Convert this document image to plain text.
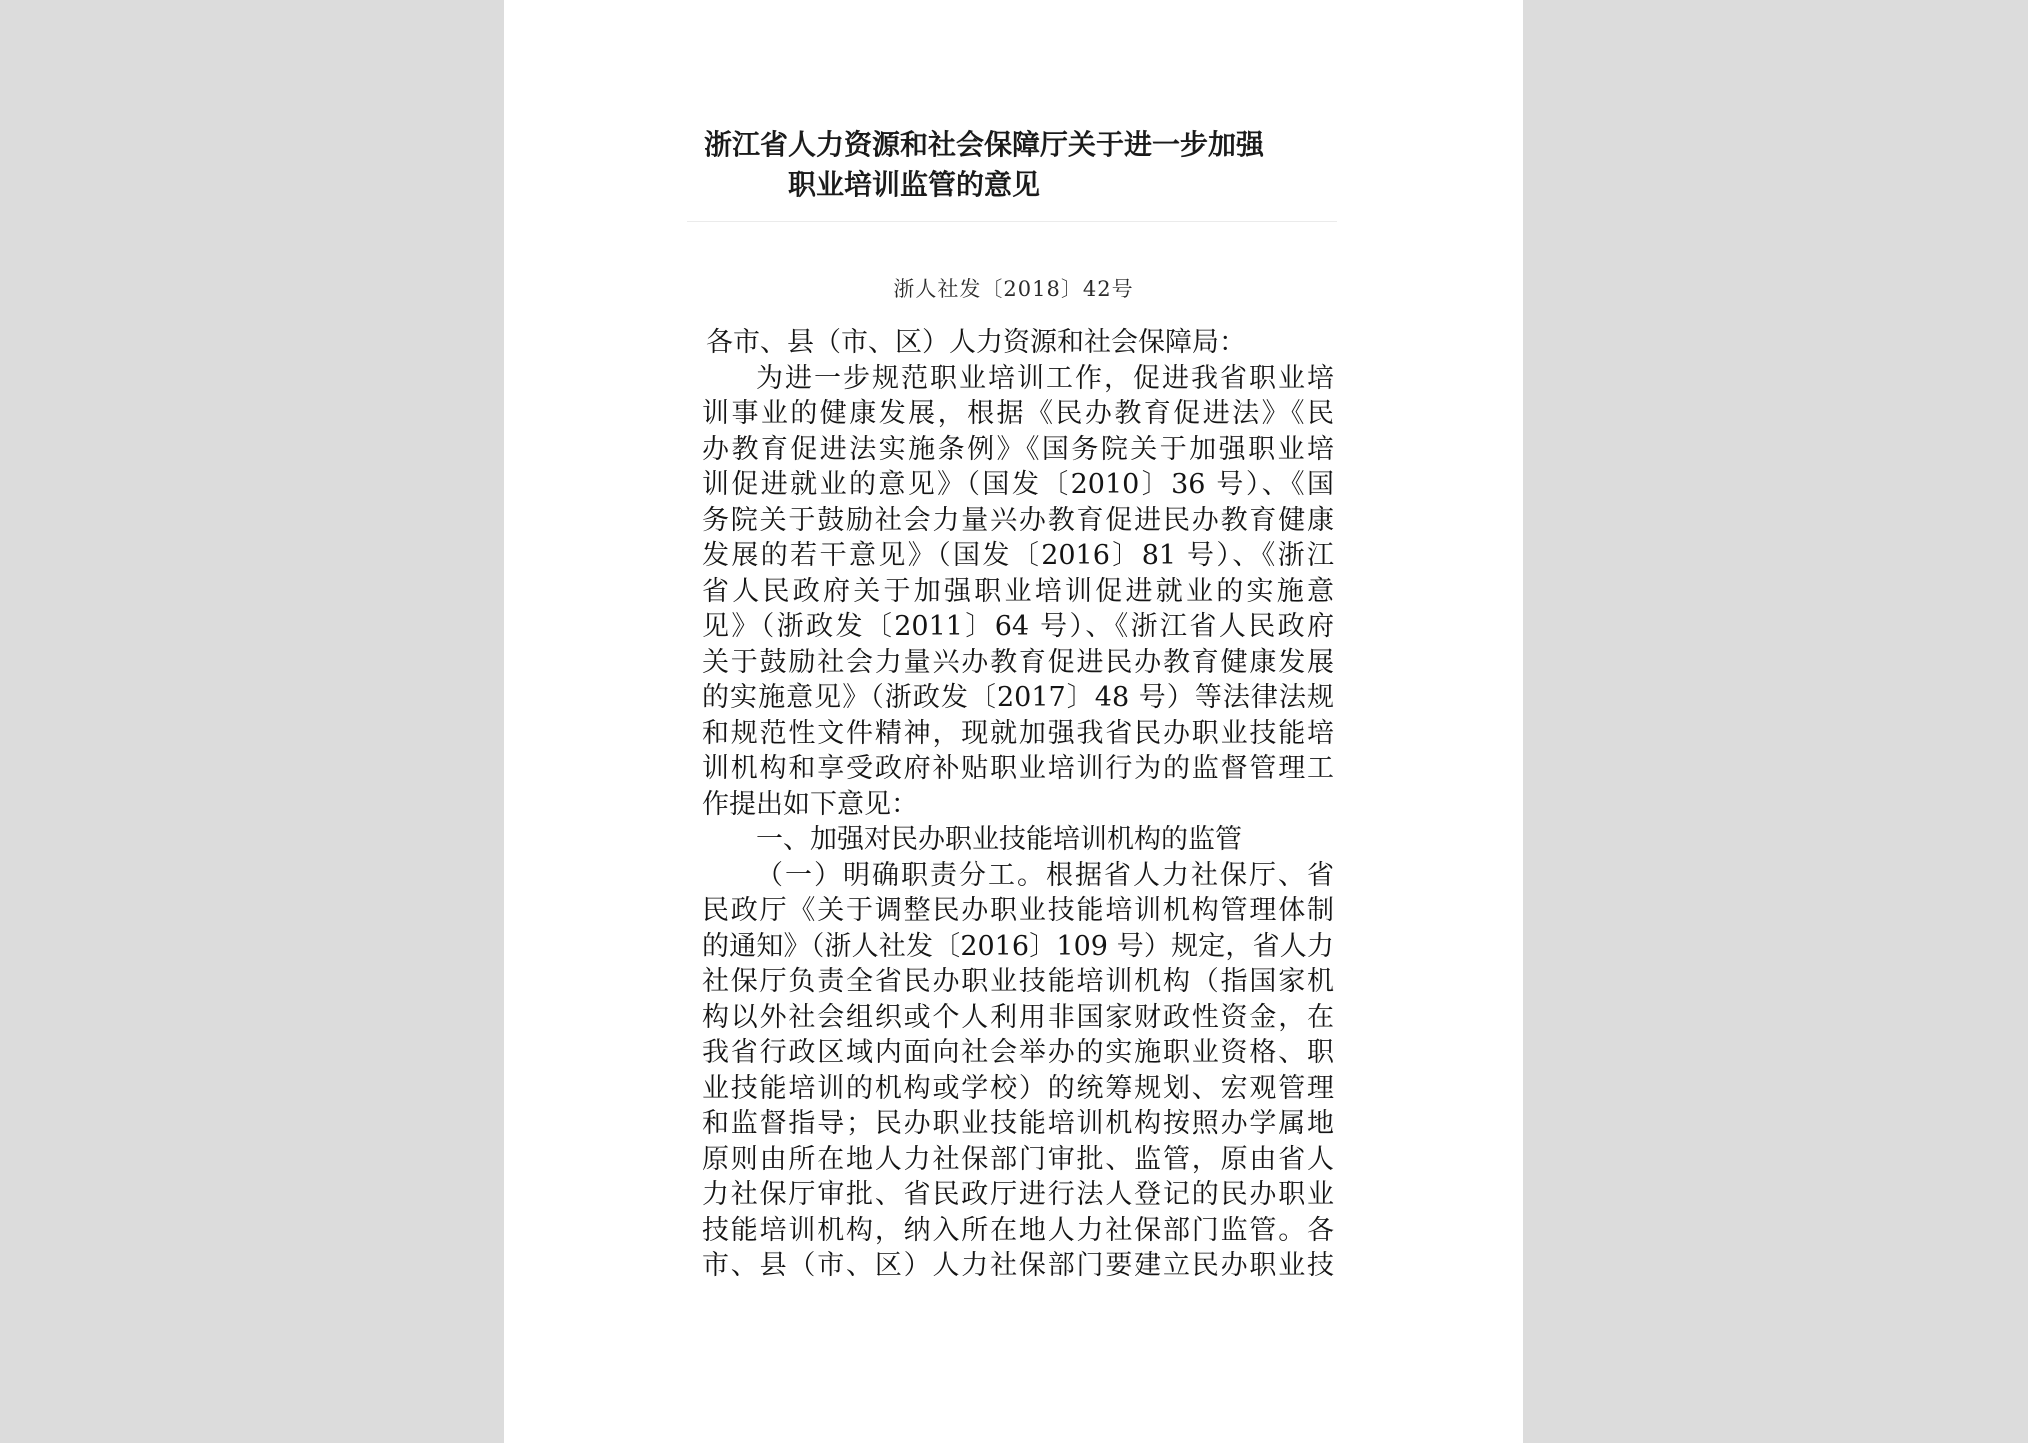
浙江省人力资源和社会保障厅关于进一步加强
职业培训监管的意见
浙人社发〔2018〕42号
各市、县（市、区）人力资源和社会保障局：
为进一步规范职业培训工作，促进我省职业培
训事业的健康发展，根据《民办教育促进法》《民
办教育促进法实施条例》《国务院关于加强职业培
训促进就业的意见》（国发〔2010〕36 号）、《国
务院关于鼓励社会力量兴办教育促进民办教育健康
发展的若干意见》（国发〔2016〕81 号）、《浙江
省人民政府关于加强职业培训促进就业的实施意
见》（浙政发〔2011〕64 号）、《浙江省人民政府
关于鼓励社会力量兴办教育促进民办教育健康发展
的实施意见》（浙政发〔2017〕48 号）等法律法规
和规范性文件精神，现就加强我省民办职业技能培
训机构和享受政府补贴职业培训行为的监督管理工
作提出如下意见：
一、加强对民办职业技能培训机构的监管
（一）明确职责分工。根据省人力社保厅、省
民政厅《关于调整民办职业技能培训机构管理体制
的通知》（浙人社发〔2016〕109 号）规定，省人力
社保厅负责全省民办职业技能培训机构（指国家机
构以外社会组织或个人利用非国家财政性资金，在
我省行政区域内面向社会举办的实施职业资格、职
业技能培训的机构或学校）的统筹规划、宏观管理
和监督指导；民办职业技能培训机构按照办学属地
原则由所在地人力社保部门审批、监管，原由省人
力社保厅审批、省民政厅进行法人登记的民办职业
技能培训机构，纳入所在地人力社保部门监管。各
市、县（市、区）人力社保部门要建立民办职业技
